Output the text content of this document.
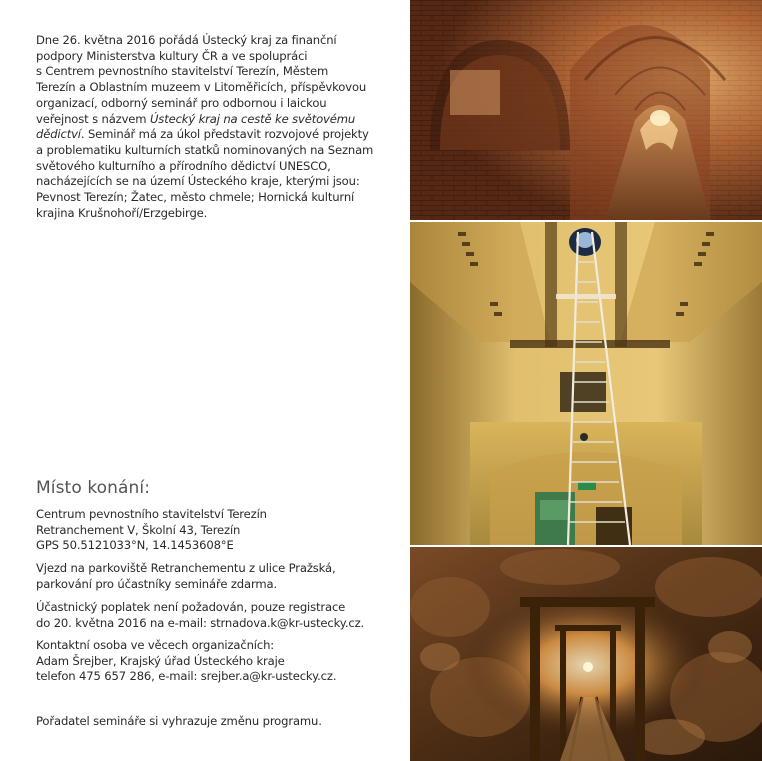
Dne 26. května 2016 pořádá Ústecký kraj za finanční
podpory Ministerstva kultury ČR a ve spolupráci
s Centrem pevnostního stavitelství Terezín, Městem
Terezín a Oblastním muzeem v Litoměřicích, příspěvkovou
organizací, odborný seminář pro odbornou i laickou
veřejnost s názvem Ústecký kraj na cestě ke světovému
dědictví. Seminář má za úkol představit rozvojové projekty
a problematiku kulturních statků nominovaných na Seznam
světového kulturního a přírodního dědictví UNESCO,
nacházejících se na území Ústeckého kraje, kterými jsou:
Pevnost Terezín; Žatec, město chmele; Hornická kulturní
krajina Krušnohoří/Erzgebirge.

Místo konání:

Centrum pevnostního stavitelství Terezín
Retranchement V, Školní 43, Terezín
GPS 50.5121033°N, 14.1453608°E

Vjezd na parkoviště Retranchementu z ulice Pražská,
parkování pro účastníky semináře zdarma.

Účastnický poplatek není požadován, pouze registrace
do 20. května 2016 na e-mail: strnadova.k@kr-ustecky.cz.

Kontaktní osoba ve věcech organizačních:
Adam Šrejber, Krajský úřad Ústeckého kraje
telefon 475 657 286, e-mail: srejber.a@kr-ustecky.cz.

Pořadatel semináře si vyhrazuje změnu programu.
